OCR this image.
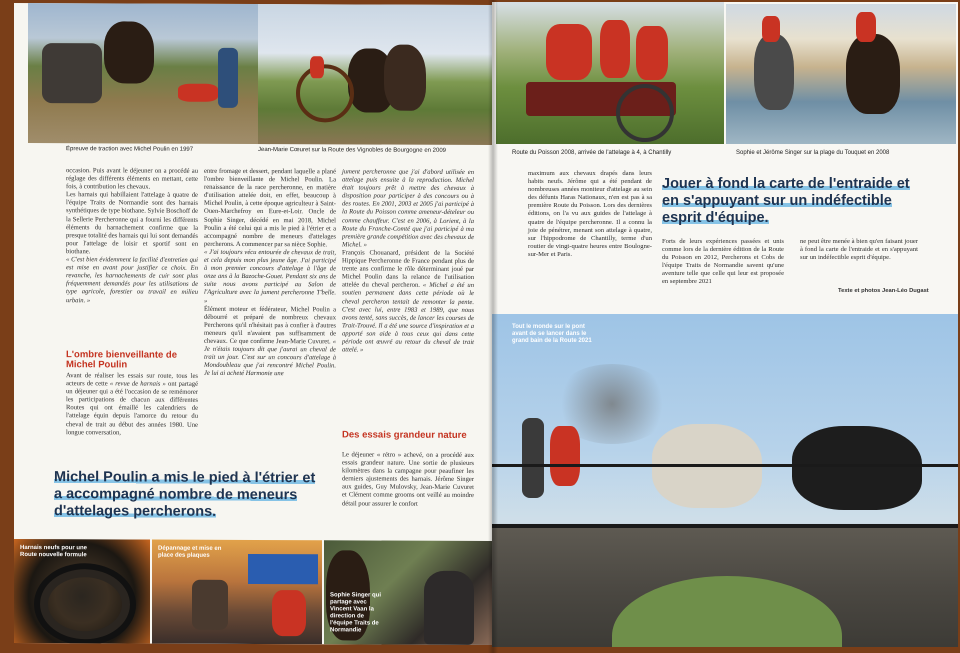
Épreuve de traction avec Michel Poulin en 1997	Jean-Marie Cœuret sur la Route des Vignobles de Bourgogne en 2009

occasion. Puis avant le déjeuner on a procédé au réglage des différents éléments en mettant, cette fois, à contribution les chevaux.

Les harnais qui habillaient l'attelage à quatre de l'équipe Traits de Normandie sont des harnais synthétiques de type biothane. Sylvie Boschoff de la Sellerie Percheronne qui a fourni les différents éléments du harnachement confirme que la presque totalité des harnais qui lui sont demandés pour l'attelage de loisir et sportif sont en biothane.

« C'est bien évidemment la facilité d'entretien qui est mise en avant pour justifier ce choix. En revanche, les harnachements de cuir sont plus fréquemment demandés pour les utilisations de type agricole, forestier ou travail en milieu urbain. »

L'ombre bienveillante de Michel Poulin

Avant de réaliser les essais sur route, tous les acteurs de cette « revue de harnais » ont partagé un déjeuner qui a été l'occasion de se remémorer les participations de chacun aux différentes Routes qui ont émaillé les calendriers de l'attelage équin depuis l'amorce du retour du cheval de trait au début des années 1980. Une longue conversation,

entre fromage et dessert, pendant laquelle a plané l'ombre bienveillante de Michel Poulin. La renaissance de la race percheronne, en matière d'utilisation attelée doit, en effet, beaucoup à Michel Poulin, à cette époque agriculteur à Saint-Ouen-Marchefroy en Eure-et-Loir. Oncle de Sophie Singer, décédé en mai 2018, Michel Poulin a été celui qui a mis le pied à l'étrier et a accompagné nombre de meneurs d'attelages percherons. A commencer par sa nièce Sophie.

« J'ai toujours vécu entourée de chevaux de trait, et cela depuis mon plus jeune âge. J'ai participé à mon premier concours d'attelage à l'âge de onze ans à la Bazoche-Gouet. Pendant six ans de suite nous avons participé au Salon de l'Agriculture avec la jument percheronne T'belle. »

Élément moteur et fédérateur, Michel Poulin a débourré et préparé de nombreux chevaux Percherons qu'il n'hésitait pas à confier à d'autres meneurs qu'il n'avaient pas suffisamment de chevaux. Ce que confirme Jean-Marie Cuvuret. « Je n'étais toujours dit que j'aurai un cheval de trait un jour. C'est sur un concours d'attelage à Mondoubleau que j'ai rencontré Michel Poulin. Je lui ai acheté Harmonie une

jument percheronne que j'ai d'abord utilisée en attelage puis ensuite à la reproduction. Michel était toujours prêt à mettre des chevaux à disposition pour participer à des concours ou à des routes. En 2001, 2003 et 2005 j'ai participé à la Route du Poisson comme ameneur-dételeur ou comme chauffeur. C'est en 2006, à Lorient, à la Route du Franche-Comté que j'ai participé à ma première grande compétition avec des chevaux de Michel. »

François Chouanard, président de la Société Hippique Percheronne de France pendant plus de trente ans confirme le rôle déterminant joué par Michel Poulin dans la relance de l'utilisation attelée du cheval percheron. « Michel a été un soutien permanent dans cette période où le cheval percheron tentait de remonter la pente. C'est avec lui, entre 1983 et 1989, que nous avons tenté, sans succès, de lancer les courses de Trait-Trouvé. Il a été une source d'inspiration et a apporté son aide à tous ceux qui dans cette période ont œuvré au retour du cheval de trait attelé. »

Des essais grandeur nature

Le déjeuner « rétro » achevé, on a procédé aux essais grandeur nature. Une sortie de plusieurs kilomètres dans la campagne pour peaufiner les derniers ajustements des harnais. Jérôme Singer aux guides, Guy Mulovsky, Jean-Marie Cuvuret et Clément comme grooms ont veillé au moindre détail pour assurer le confort

Michel Poulin a mis le pied à l'étrier et
a accompagné nombre de meneurs
d'attelages percherons.
Harnais neufs pour une Route nouvelle formule
Dépannage et mise en place des plaques
Sophie Singer qui partage avec Vincent Vaan la direction de l'équipe Traits de Normandie
Route du Poisson 2008, arrivée de l'attelage à 4, à Chantilly	Sophie et Jérôme Singer sur la plage du Touquet en 2008

maximum aux chevaux drapés dans leurs habits neufs. Jérôme qui a été pendant de nombreuses années moniteur d'attelage au sein des défunts Haras Nationaux, n'en est pas à sa première Route du Poisson. Lors des dernières éditions, on l'a vu aux guides de l'attelage à quatre de l'équipe percheronne. Il a connu la joie de pénétrer, menant son attelage à quatre, sur l'hippodrome de Chantilly, terme d'un routier de vingt-quatre heures entre Boulogne-sur-Mer et Paris.

Jouer à fond la carte de l'entraide et
en s'appuyant sur un indéfectible
esprit d'équipe.

Forts de leurs expériences passées et unis comme lors de la dernière édition de la Route du Poisson en 2012, Percherons et Cobs de l'équipe Traits de Normandie savent qu'une aventure telle que celle qui leur est proposée en septembre 2021

ne peut être menée à bien qu'en faisant jouer à fond la carte de l'entraide et en s'appuyant sur un indéfectible esprit d'équipe.

Texte et photos Jean-Léo Dugast
Tout le monde sur le pont avant de se lancer dans le grand bain de la Route 2021
